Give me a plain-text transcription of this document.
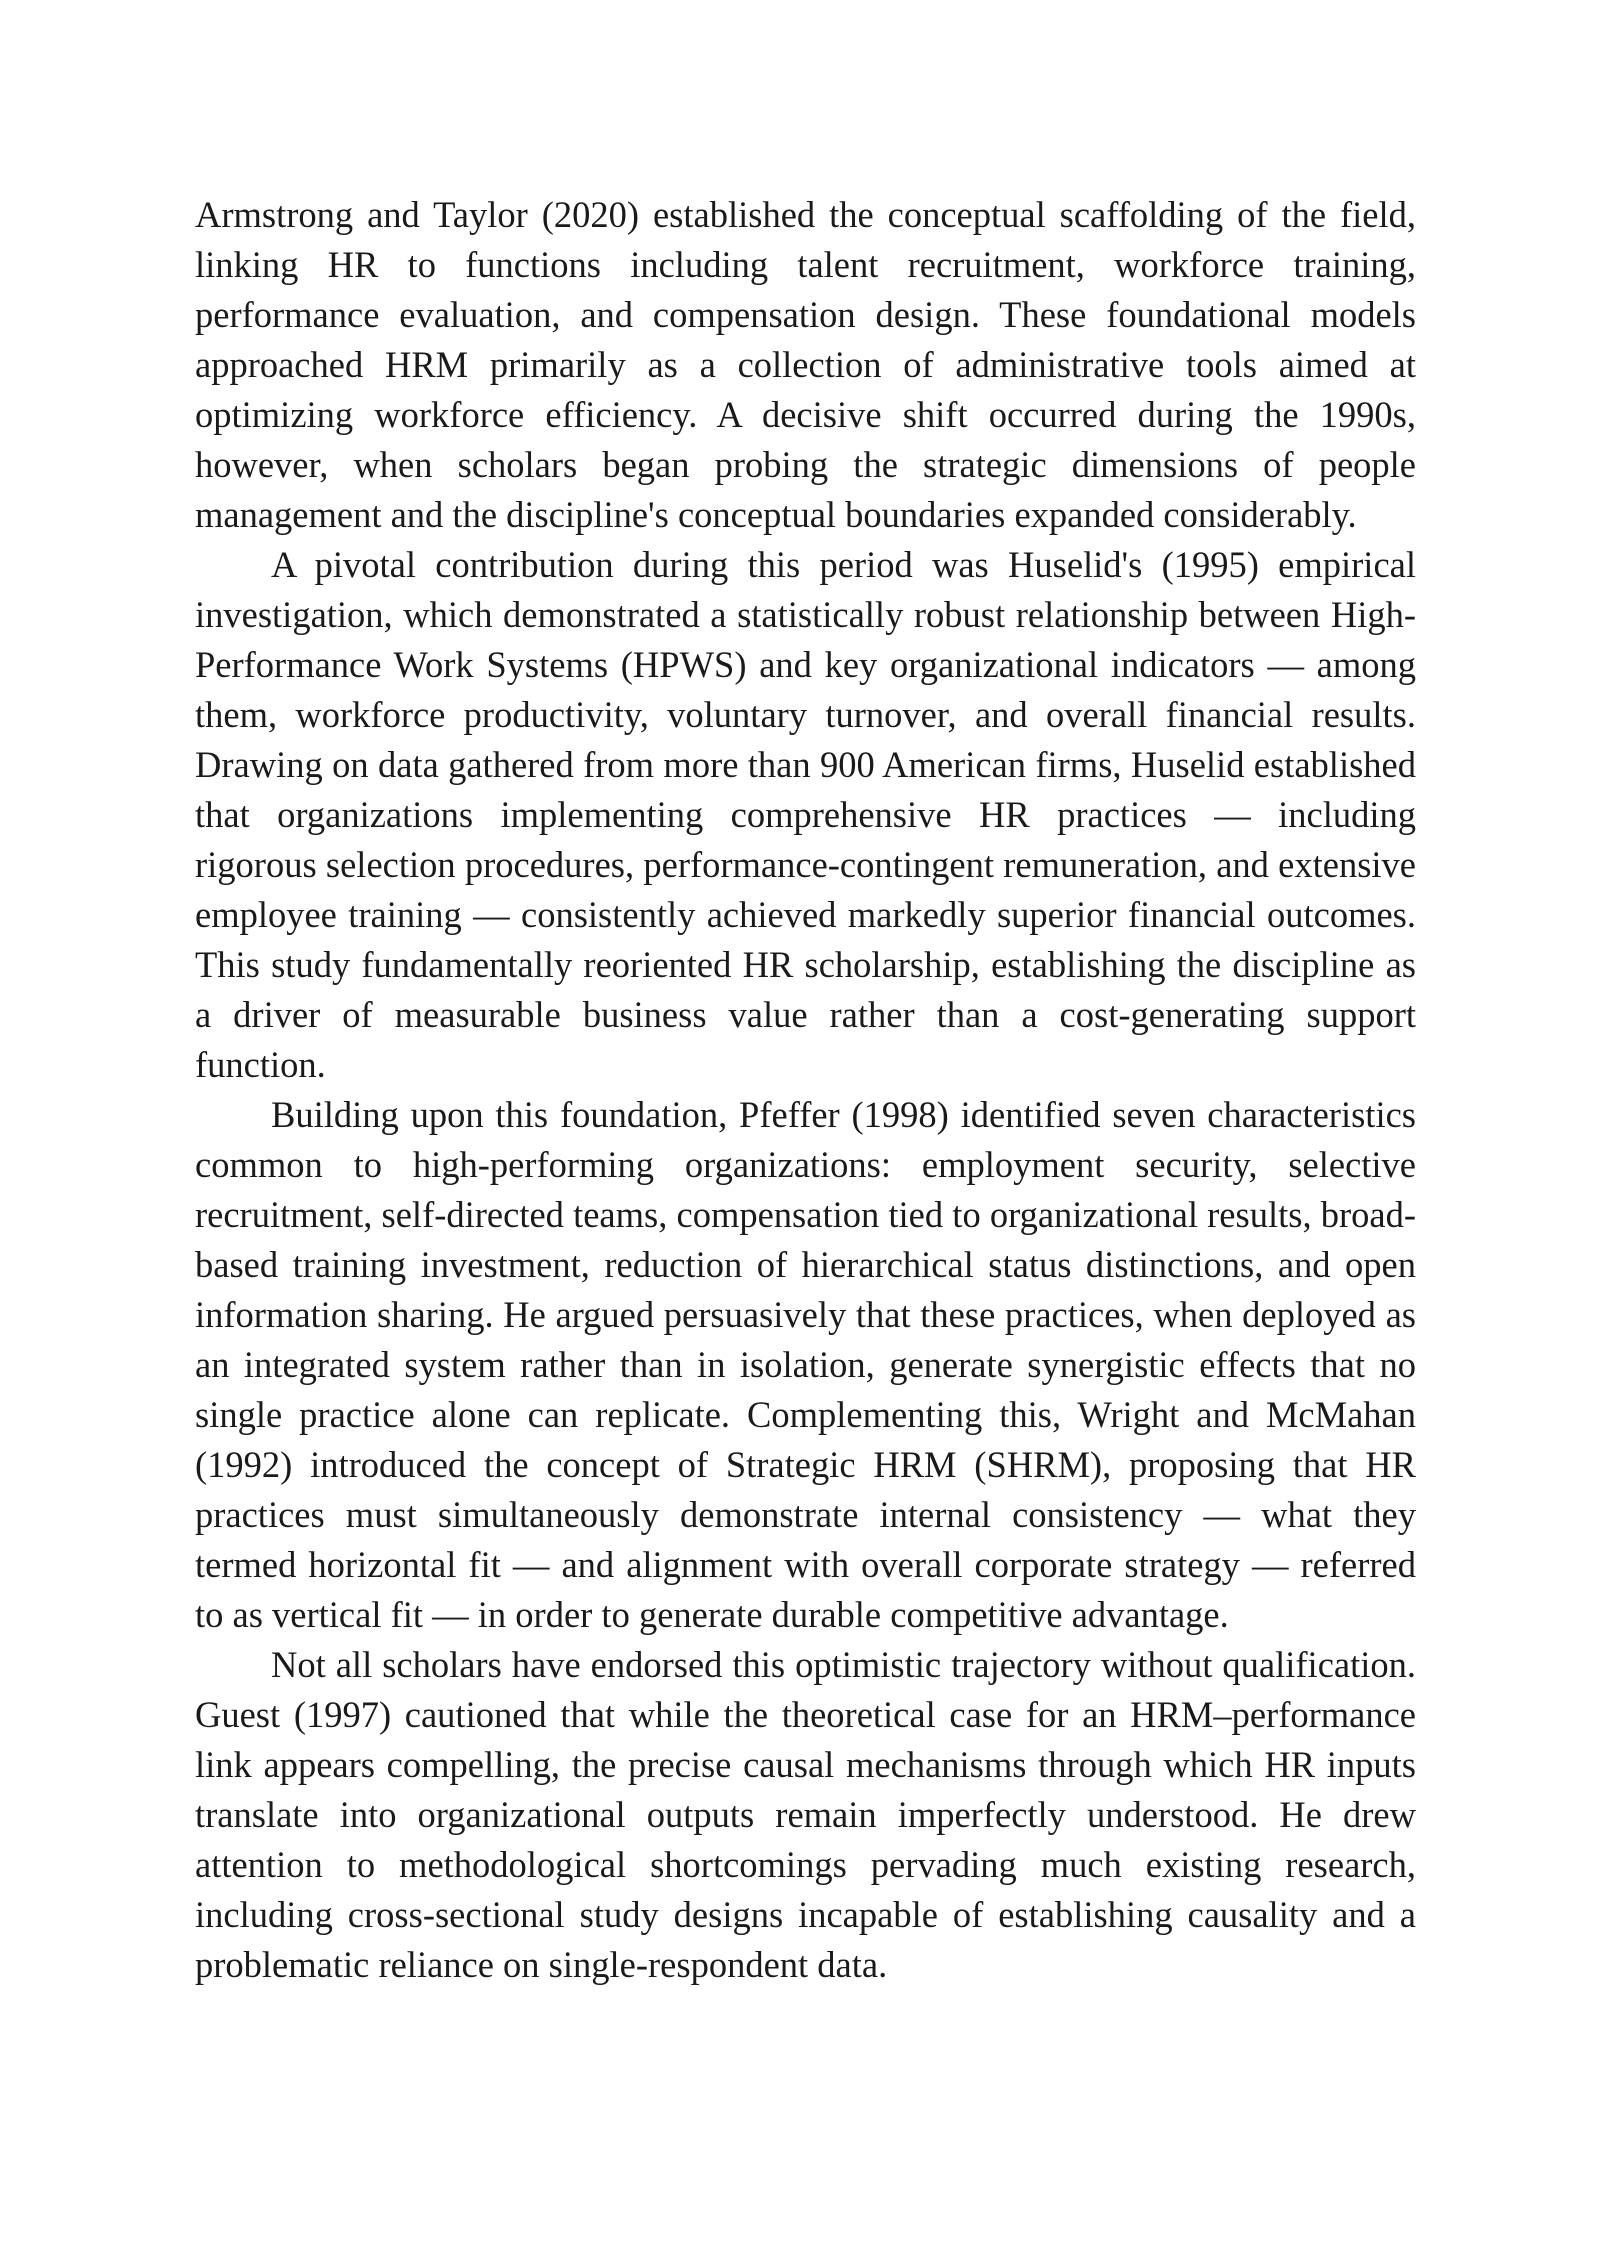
Armstrong and Taylor (2020) established the conceptual scaffolding of the field, linking HR to functions including talent recruitment, workforce training, performance evaluation, and compensation design. These foundational models approached HRM primarily as a collection of administrative tools aimed at optimizing workforce efficiency. A decisive shift occurred during the 1990s, however, when scholars began probing the strategic dimensions of people management and the discipline's conceptual boundaries expanded considerably.

A pivotal contribution during this period was Huselid's (1995) empirical investigation, which demonstrated a statistically robust relationship between High-Performance Work Systems (HPWS) and key organizational indicators — among them, workforce productivity, voluntary turnover, and overall financial results. Drawing on data gathered from more than 900 American firms, Huselid established that organizations implementing comprehensive HR practices — including rigorous selection procedures, performance-contingent remuneration, and extensive employee training — consistently achieved markedly superior financial outcomes. This study fundamentally reoriented HR scholarship, establishing the discipline as a driver of measurable business value rather than a cost-generating support function.

Building upon this foundation, Pfeffer (1998) identified seven characteristics common to high-performing organizations: employment security, selective recruitment, self-directed teams, compensation tied to organizational results, broad-based training investment, reduction of hierarchical status distinctions, and open information sharing. He argued persuasively that these practices, when deployed as an integrated system rather than in isolation, generate synergistic effects that no single practice alone can replicate. Complementing this, Wright and McMahan (1992) introduced the concept of Strategic HRM (SHRM), proposing that HR practices must simultaneously demonstrate internal consistency — what they termed horizontal fit — and alignment with overall corporate strategy — referred to as vertical fit — in order to generate durable competitive advantage.

Not all scholars have endorsed this optimistic trajectory without qualification. Guest (1997) cautioned that while the theoretical case for an HRM–performance link appears compelling, the precise causal mechanisms through which HR inputs translate into organizational outputs remain imperfectly understood. He drew attention to methodological shortcomings pervading much existing research, including cross-sectional study designs incapable of establishing causality and a problematic reliance on single-respondent data.
